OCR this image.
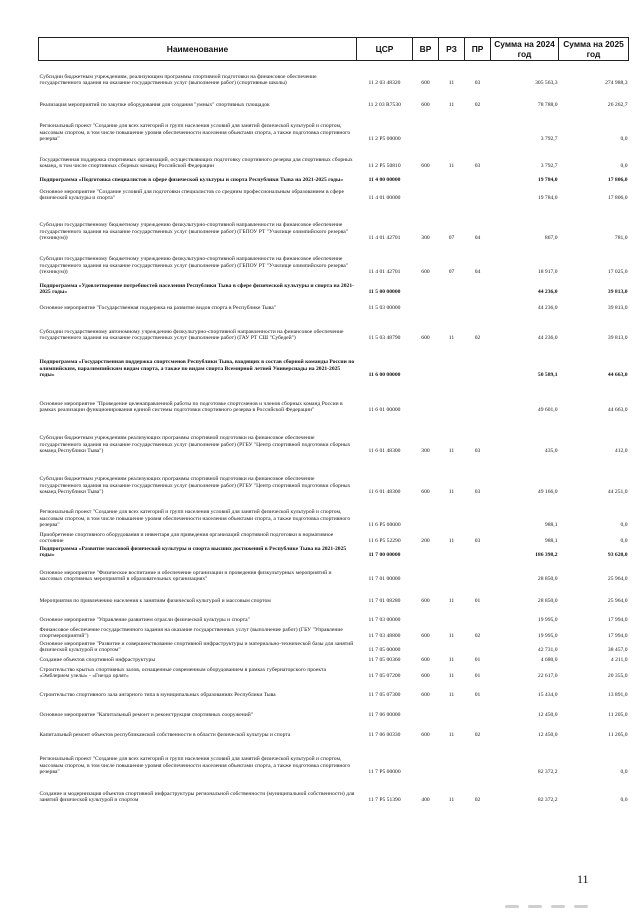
Наименование	ЦСР	ВР	РЗ	ПР	Сумма на 2024 год	Сумма на 2025 год
Субсидии бюджетным учреждениям, реализующим программы спортивной подготовки на финансовое обеспечение государственного задания на оказание государственных услуг (выполнение работ) (спортивные школы)	11 2 03 48320	600	11	03	305 563,3	274 988,3
Реализация мероприятий по закупке оборудования для создания "умных" спортивных площадок	11 2 03 R7530	600	11	02	78 788,0	26 262,7
Региональный проект "Создание для всех категорий и групп населения условий для занятий физической культурой и спортом, массовым спортом, в том числе повышение уровня обеспеченности населения объектами спорта, а также подготовка спортивного резерва"	11 2 P5 00000				3 792,7	0,0
Государственная поддержка спортивных организаций, осуществляющих подготовку спортивного резерва для спортивных сборных команд, в том числе спортивных сборных команд Российской Федерации	11 2 P5 50810	600	11	03	3 792,7	0,0
Подпрограмма «Подготовка специалистов в сфере физической культуры и спорта Республики Тыва на 2021-2025 годы»	11 4 00 00000				19 784,0	17 806,0
Основное мероприятие "Создание условий для подготовки специалистов со средним профессиональным образованием в сфере физической культуры и спорта"	11 4 01 00000				19 784,0	17 806,0
Субсидии государственному бюджетному учреждению физкультурно-спортивной направленности на финансовое обеспечение государственного задания на оказание государственных услуг (выполнение работ) (ГБПОУ РТ "Училище олимпийского резерва" (техникум))	11 4 01 42701	300	07	04	867,0	781,0
Субсидии государственному бюджетному учреждению физкультурно-спортивной направленности на финансовое обеспечение государственного задания на оказание государственных услуг (выполнение работ) (ГБПОУ РТ "Училище олимпийского резерва" (техникум))	11 4 01 42701	600	07	04	18 917,0	17 025,0
Подпрограмма «Удовлетворение потребностей населения Республики Тыва в сфере физической культуры и спорта на 2021-2025 годы»	11 5 00 00000				44 236,0	39 813,0
Основное мероприятие "Государственная поддержка на развитие видов спорта в Республике Тыва"	11 5 03 00000				44 236,0	39 813,0
Субсидии государственному автономному учреждению физкультурно-спортивной направленности на финансовое обеспечение государственного задания на оказание государственных услуг (выполнение работ) (ГАУ РТ СШ "Субедей")	11 5 03 48790	600	11	02	44 236,0	39 813,0
Подпрограмма «Государственная поддержка спортсменов Республики Тыва, входящих в состав сборной команды России по олимпийским, паралимпийским видам спорта, а также по видам спорта Всемирной летней Универсиады на 2021-2025 годы»	11 6 00 00000				50 589,1	44 663,0
Основное мероприятие "Проведение целенаправленной работы по подготовке спортсменов и членов сборных команд России в рамках реализации функционирования единой системы подготовки спортивного резерва в Российской Федерации"	11 6 01 00000				49 601,0	44 663,0
Субсидии бюджетным учреждениям реализующих программы спортивной подготовки на финансовое обеспечение государственного задания на оказание государственных услуг (выполнение работ) (РГБУ "Центр спортивной подготовки сборных команд Республики Тыва")	11 6 01 48300	300	11	03	435,0	412,0
Субсидии бюджетным учреждениям реализующих программы спортивной подготовки на финансовое обеспечение государственного задания на оказание государственных услуг (выполнение работ) (РГБУ "Центр спортивной подготовки сборных команд Республики Тыва")	11 6 01 48300	600	11	03	49 166,0	44 251,0
Региональный проект "Создание для всех категорий и групп населения условий для занятий физической культурой и спортом, массовым спортом, в том числе повышение уровня обеспеченности населения объектами спорта, а также подготовка спортивного резерва"	11 6 P5 00000				988,1	0,0
Приобретение спортивного оборудования и инвентаря для приведения организаций спортивной подготовки в нормативное состояние	11 6 P5 52290	200	11	03	988,1	0,0
Подпрограмма «Развитие массовой физической культуры и спорта высших достижений в Республике Тыва на 2021-2025 годы»	11 7 00 00000				186 398,2	93 620,0
Основное мероприятие "Физическое воспитание и обеспечение организации и проведения физкультурных мероприятий и массовых спортивных мероприятий в образовательных организациях"	11 7 01 00000				28 850,0	25 964,0
Мероприятия по привлечению населения к занятиям физической культурой и массовым спортом	11 7 01 08280	600	11	01	28 850,0	25 964,0
Основное мероприятие "Управление развитием отрасли физической культуры и спорта"	11 7 03 00000				19 995,0	17 994,0
Финансовое обеспечение государственного задания на оказание государственных услуг (выполнение работ) (ГБУ "Управление спортмероприятий")	11 7 03 48800	600	11	02	19 995,0	17 994,0
Основное мероприятие "Развитие и совершенствование спортивной инфраструктуры и материально-технической базы для занятий физической культурой и спортом"	11 7 05 00000				42 731,0	38 457,0
Создание объектов спортивной инфраструктуры	11 7 05 00360	600	11	01	4 680,0	4 211,0
Строительство крытых спортивных залов, оснащенные современным оборудованием в рамках губернаторского проекта «Эмблерием узелы» - «Гнездо орлят»	11 7 05 07200	600	11	01	22 617,0	20 355,0
Строительство спортивного зала ангарного типа в муниципальных образованиях Республики Тыва	11 7 05 07300	600	11	01	15 434,0	13 891,0
Основное мероприятие "Капитальный ремонт и реконструкция спортивных сооружений"	11 7 06 00000				12 450,0	11 205,0
Капитальный ремонт объектов республиканской собственности в области физической культуры и спорта	11 7 06 00330	600	11	02	12 450,0	11 205,0
Региональный проект "Создание для всех категорий и групп населения условий для занятий физической культурой и спортом, массовым спортом, в том числе повышение уровня обеспеченности населения объектами спорта, а также подготовка спортивного резерва"	11 7 P5 00000				82 372,2	0,0
Создание и модернизация объектов спортивной инфраструктуры региональной собственности (муниципальной собственности) для занятий физической культурой и спортом	11 7 P5 51390	400	11	02	82 372,2	0,0
11
